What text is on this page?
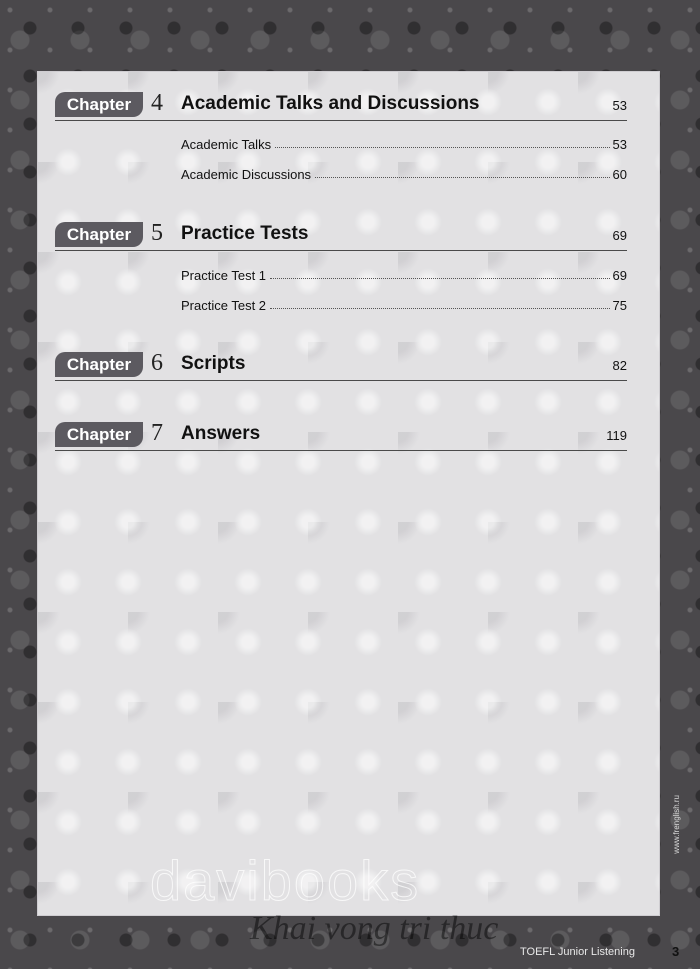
Chapter 4 Academic Talks and Discussions	53
Academic Talks	53
Academic Discussions	60
Chapter 5 Practice Tests	69
Practice Test 1	69
Practice Test 2	75
Chapter 6 Scripts	82
Chapter 7 Answers	119
davibooks
Khai vong tri thuc
www.frenglish.ru
TOEFL Junior Listening	3
